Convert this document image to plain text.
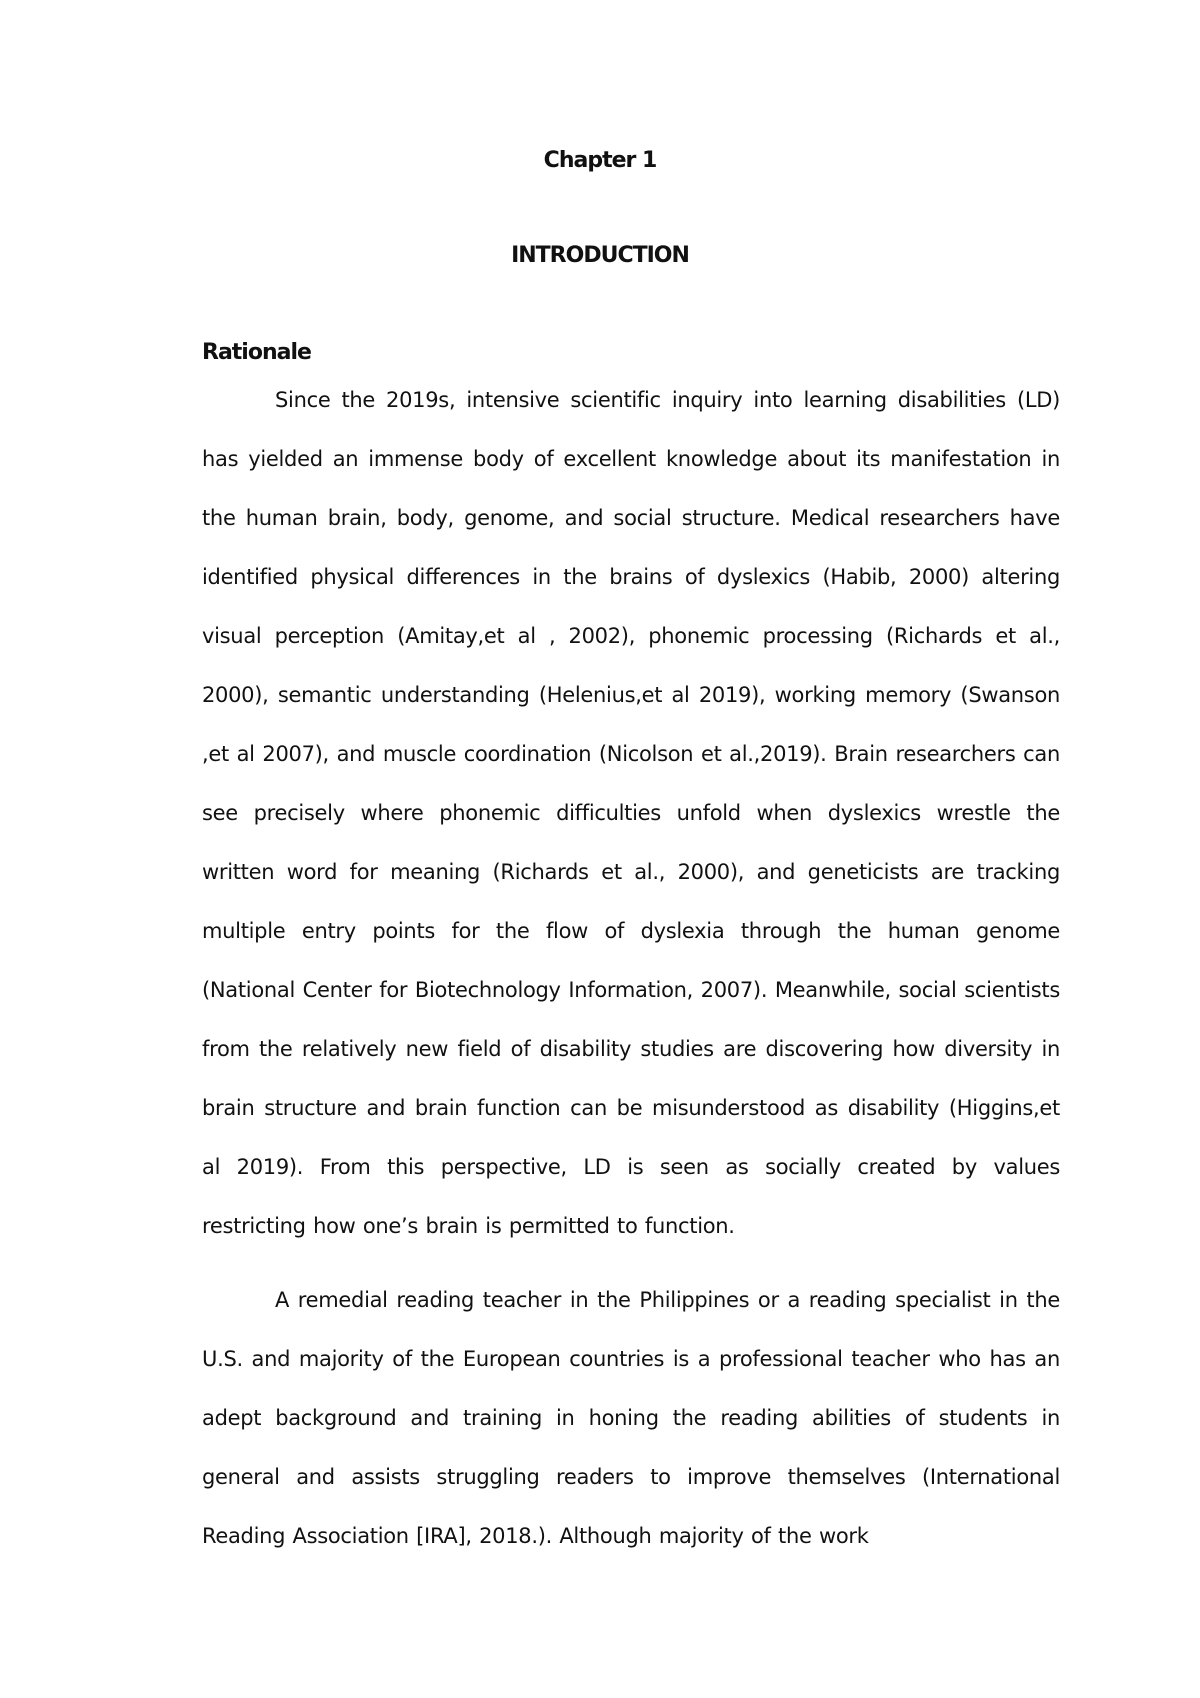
Chapter 1
INTRODUCTION
Rationale

Since the 2019s, intensive scientific inquiry into learning disabilities (LD) has yielded an immense body of excellent knowledge about its manifestation in the human brain, body, genome, and social structure. Medical researchers have identified physical differences in the brains of dyslexics (Habib, 2000) altering visual perception (Amitay,et al , 2002), phonemic processing (Richards et al., 2000), semantic understanding (Helenius,et al 2019), working memory (Swanson ,et al 2007), and muscle coordination (Nicolson et al.,2019). Brain researchers can see precisely where phonemic difficulties unfold when dyslexics wrestle the written word for meaning (Richards et al., 2000), and geneticists are tracking multiple entry points for the flow of dyslexia through the human genome (National Center for Biotechnology Information, 2007). Meanwhile, social scientists from the relatively new field of disability studies are discovering how diversity in brain structure and brain function can be misunderstood as disability (Higgins,et al 2019). From this perspective, LD is seen as socially created by values restricting how one’s brain is permitted to function.

A remedial reading teacher in the Philippines or a reading specialist in the U.S. and majority of the European countries is a professional teacher who has an adept background and training in honing the reading abilities of students in general and assists struggling readers to improve themselves (International Reading Association [IRA], 2018.). Although majority of the work
